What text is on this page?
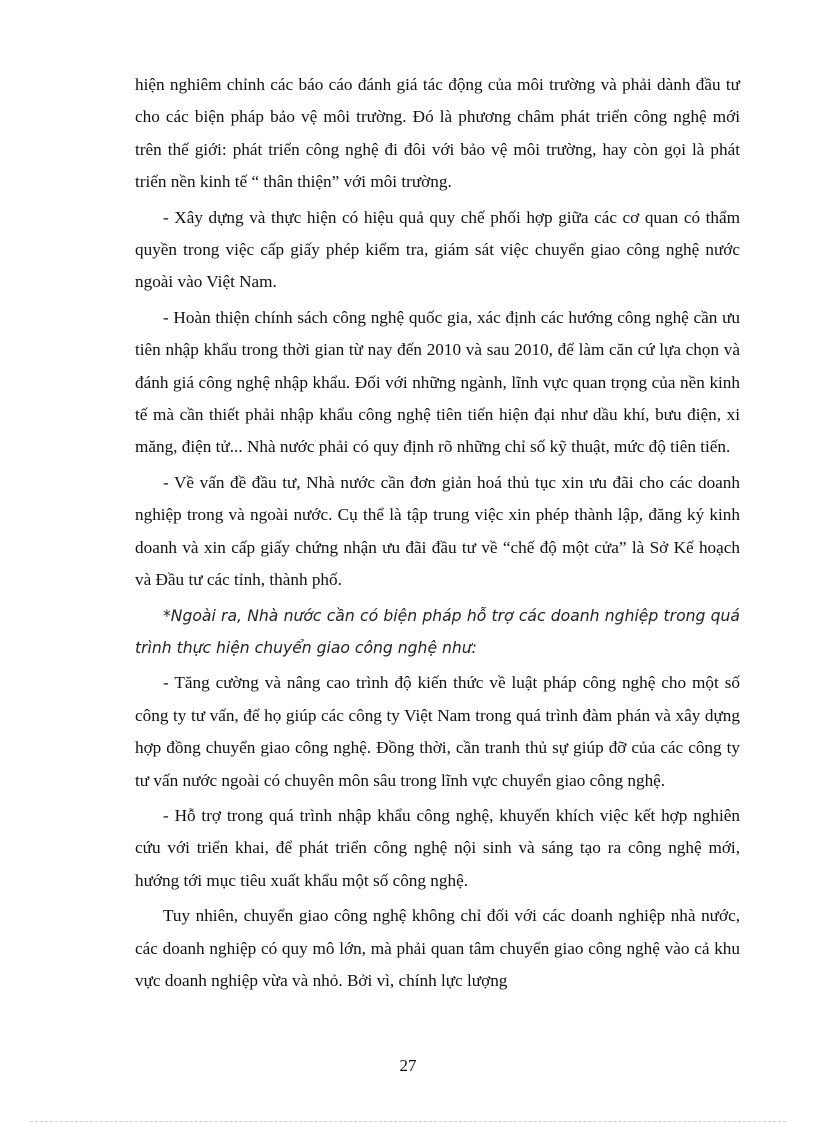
hiện nghiêm chỉnh các báo cáo đánh giá tác động của môi trường và phải dành đầu tư cho các biện pháp bảo vệ môi trường. Đó là phương châm phát triển công nghệ mới trên thế giới: phát triển công nghệ đi đôi với bảo vệ môi trường, hay còn gọi là phát triển nền kinh tế “ thân thiện” với môi trường.

- Xây dựng và thực hiện có hiệu quả quy chế phối hợp giữa các cơ quan có thẩm quyền trong việc cấp giấy phép kiểm tra, giám sát việc chuyển giao công nghệ nước ngoài vào Việt Nam.

- Hoàn thiện chính sách công nghệ quốc gia, xác định các hướng công nghệ cần ưu tiên nhập khẩu trong thời gian từ nay đến 2010 và sau 2010, để làm căn cứ lựa chọn và đánh giá công nghệ nhập khẩu. Đối với những ngành, lĩnh vực quan trọng của nền kinh tế mà cần thiết phải nhập khẩu công nghệ tiên tiến hiện đại như dầu khí, bưu điện, xi măng, điện tử... Nhà nước phải có quy định rõ những chỉ số kỹ thuật, mức độ tiên tiến.

- Về vấn đề đầu tư, Nhà nước cần đơn giản hoá thủ tục xin ưu đãi cho các doanh nghiệp trong và ngoài nước. Cụ thể là tập trung việc xin phép thành lập, đăng ký kinh doanh và xin cấp giấy chứng nhận ưu đãi đầu tư về “chế độ một cửa” là Sở Kế hoạch và Đầu tư các tỉnh, thành phố.

*Ngoài ra, Nhà nước cần có biện pháp hỗ trợ các doanh nghiệp trong quá trình thực hiện chuyển giao công nghệ như:

- Tăng cường và nâng cao trình độ kiến thức về luật pháp công nghệ cho một số công ty tư vấn, để họ giúp các công ty Việt Nam trong quá trình đàm phán và xây dựng hợp đồng chuyển giao công nghệ. Đồng thời, cần tranh thủ sự giúp đỡ của các công ty tư vấn nước ngoài có chuyên môn sâu trong lĩnh vực chuyển giao công nghệ.

- Hỗ trợ trong quá trình nhập khẩu công nghệ, khuyến khích việc kết hợp nghiên cứu với triển khai, để phát triển công nghệ nội sinh và sáng tạo ra công nghệ mới, hướng tới mục tiêu xuất khẩu một số công nghệ.

Tuy nhiên, chuyển giao công nghệ không chỉ đối với các doanh nghiệp nhà nước, các doanh nghiệp có quy mô lớn, mà phải quan tâm chuyển giao công nghệ vào cả khu vực doanh nghiệp vừa và nhỏ. Bởi vì, chính lực lượng

27
